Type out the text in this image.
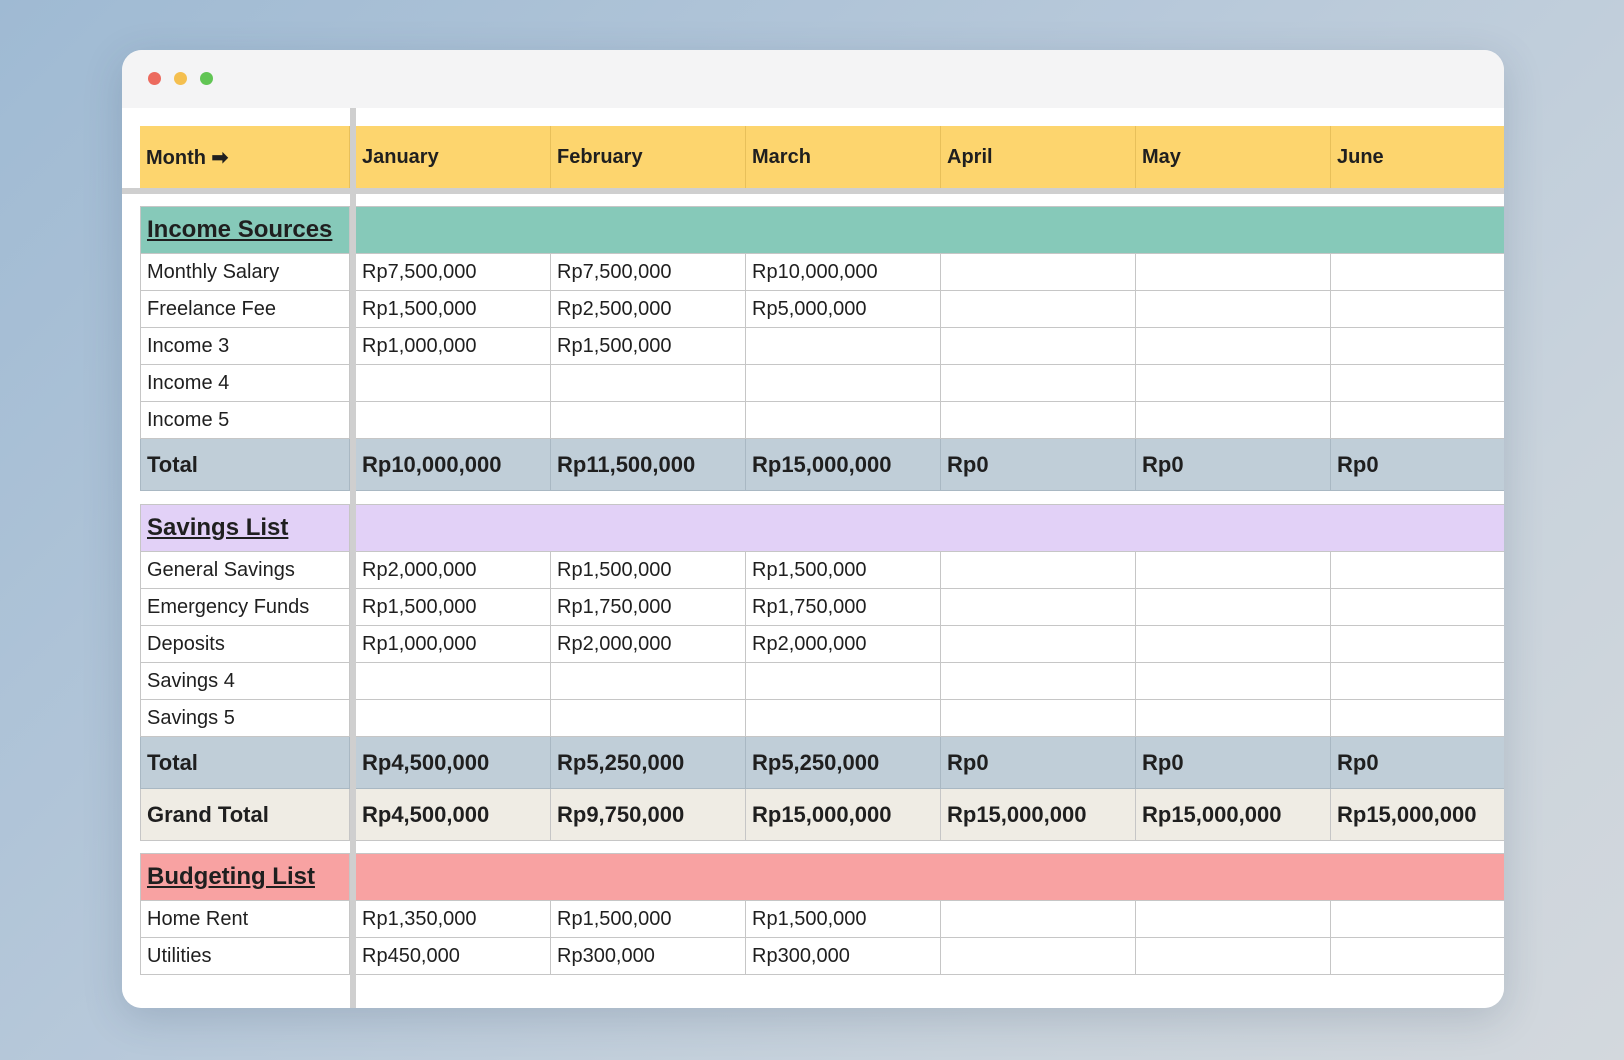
Month ➡	January	February	March	April	May	June
Income Sources
Monthly Salary	Rp7,500,000	Rp7,500,000	Rp10,000,000
Freelance Fee	Rp1,500,000	Rp2,500,000	Rp5,000,000
Income 3	Rp1,000,000	Rp1,500,000
Income 4
Income 5
Total	Rp10,000,000	Rp11,500,000	Rp15,000,000	Rp0	Rp0	Rp0
Savings List
General Savings	Rp2,000,000	Rp1,500,000	Rp1,500,000
Emergency Funds	Rp1,500,000	Rp1,750,000	Rp1,750,000
Deposits	Rp1,000,000	Rp2,000,000	Rp2,000,000
Savings 4
Savings 5
Total	Rp4,500,000	Rp5,250,000	Rp5,250,000	Rp0	Rp0	Rp0
Grand Total	Rp4,500,000	Rp9,750,000	Rp15,000,000	Rp15,000,000	Rp15,000,000	Rp15,000,000
Budgeting List
Home Rent	Rp1,350,000	Rp1,500,000	Rp1,500,000
Utilities	Rp450,000	Rp300,000	Rp300,000
